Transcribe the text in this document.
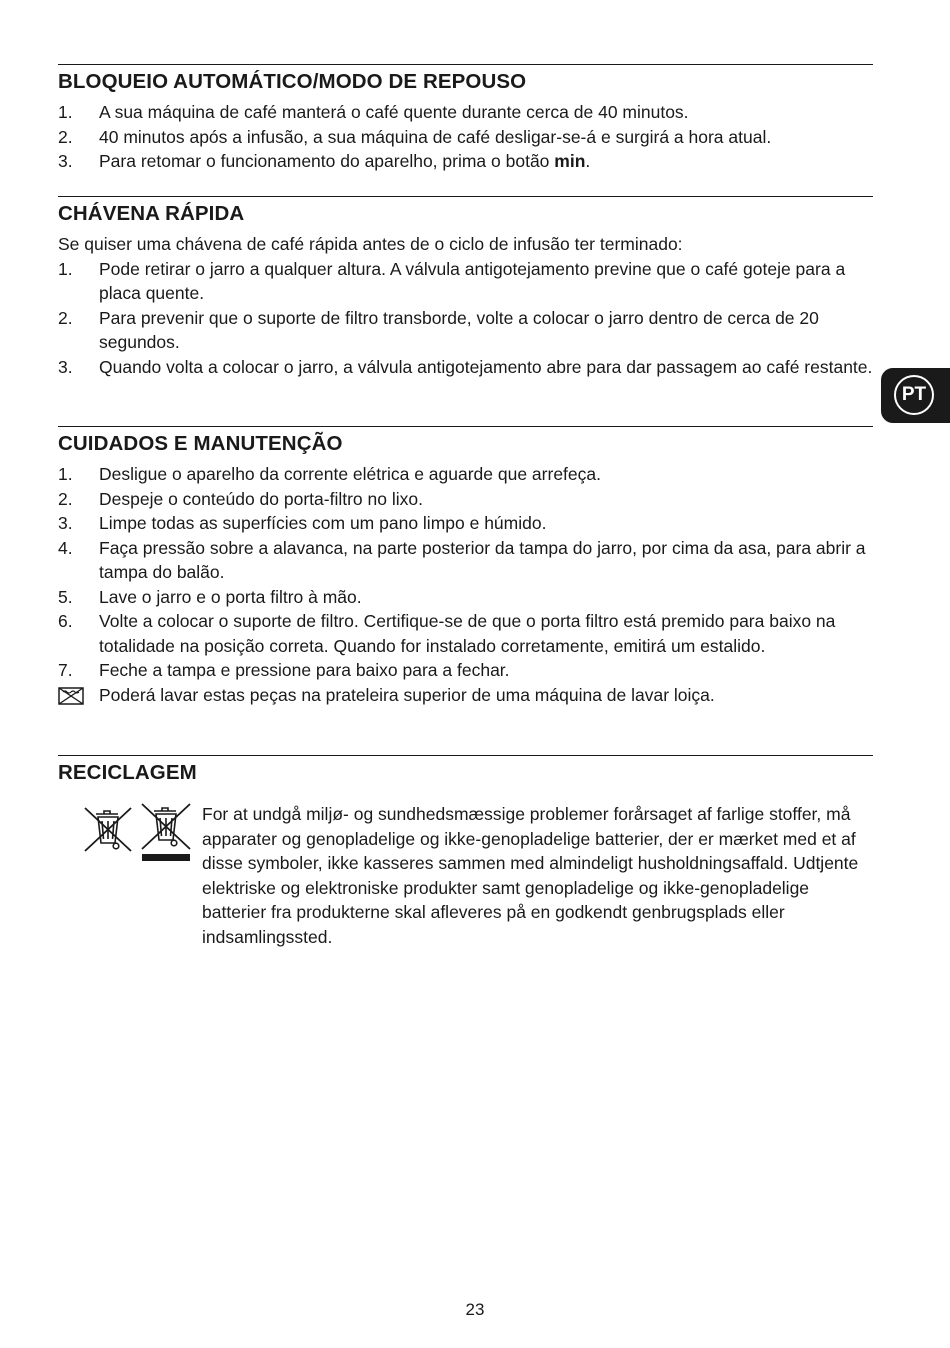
BLOQUEIO AUTOMÁTICO/MODO DE REPOUSO
1. A sua máquina de café manterá o café quente durante cerca de 40 minutos.
2. 40 minutos após a infusão, a sua máquina de café desligar-se-á e surgirá a hora atual.
3. Para retomar o funcionamento do aparelho, prima o botão min.
CHÁVENA RÁPIDA
Se quiser uma chávena de café rápida antes de o ciclo de infusão ter terminado:
1. Pode retirar o jarro a qualquer altura. A válvula antigotejamento previne que o café goteje para a placa quente.
2. Para prevenir que o suporte de filtro transborde, volte a colocar o jarro dentro de cerca de 20 segundos.
3. Quando volta a colocar o jarro, a válvula antigotejamento abre para dar passagem ao café restante.
CUIDADOS E MANUTENÇÃO
1. Desligue o aparelho da corrente elétrica e aguarde que arrefeça.
2. Despeje o conteúdo do porta-filtro no lixo.
3. Limpe todas as superfícies com um pano limpo e húmido.
4. Faça pressão sobre a alavanca, na parte posterior da tampa do jarro, por cima da asa, para abrir a tampa do balão.
5. Lave o jarro e o porta filtro à mão.
6. Volte a colocar o suporte de filtro. Certifique-se de que o porta filtro está premido para baixo na totalidade na posição correta. Quando for instalado corretamente, emitirá um estalido.
7. Feche a tampa e pressione para baixo para a fechar.
Poderá lavar estas peças na prateleira superior de uma máquina de lavar loiça.
RECICLAGEM
For at undgå miljø- og sundhedsmæssige problemer forårsaget af farlige stoffer, må apparater og genopladelige og ikke-genopladelige batterier, der er mærket med et af disse symboler, ikke kasseres sammen med almindeligt husholdningsaffald. Udtjente elektriske og elektroniske produkter samt genopladelige og ikke-genopladelige batterier fra produkterne skal afleveres på en godkendt genbrugsplads eller indsamlingssted.
PT
23
